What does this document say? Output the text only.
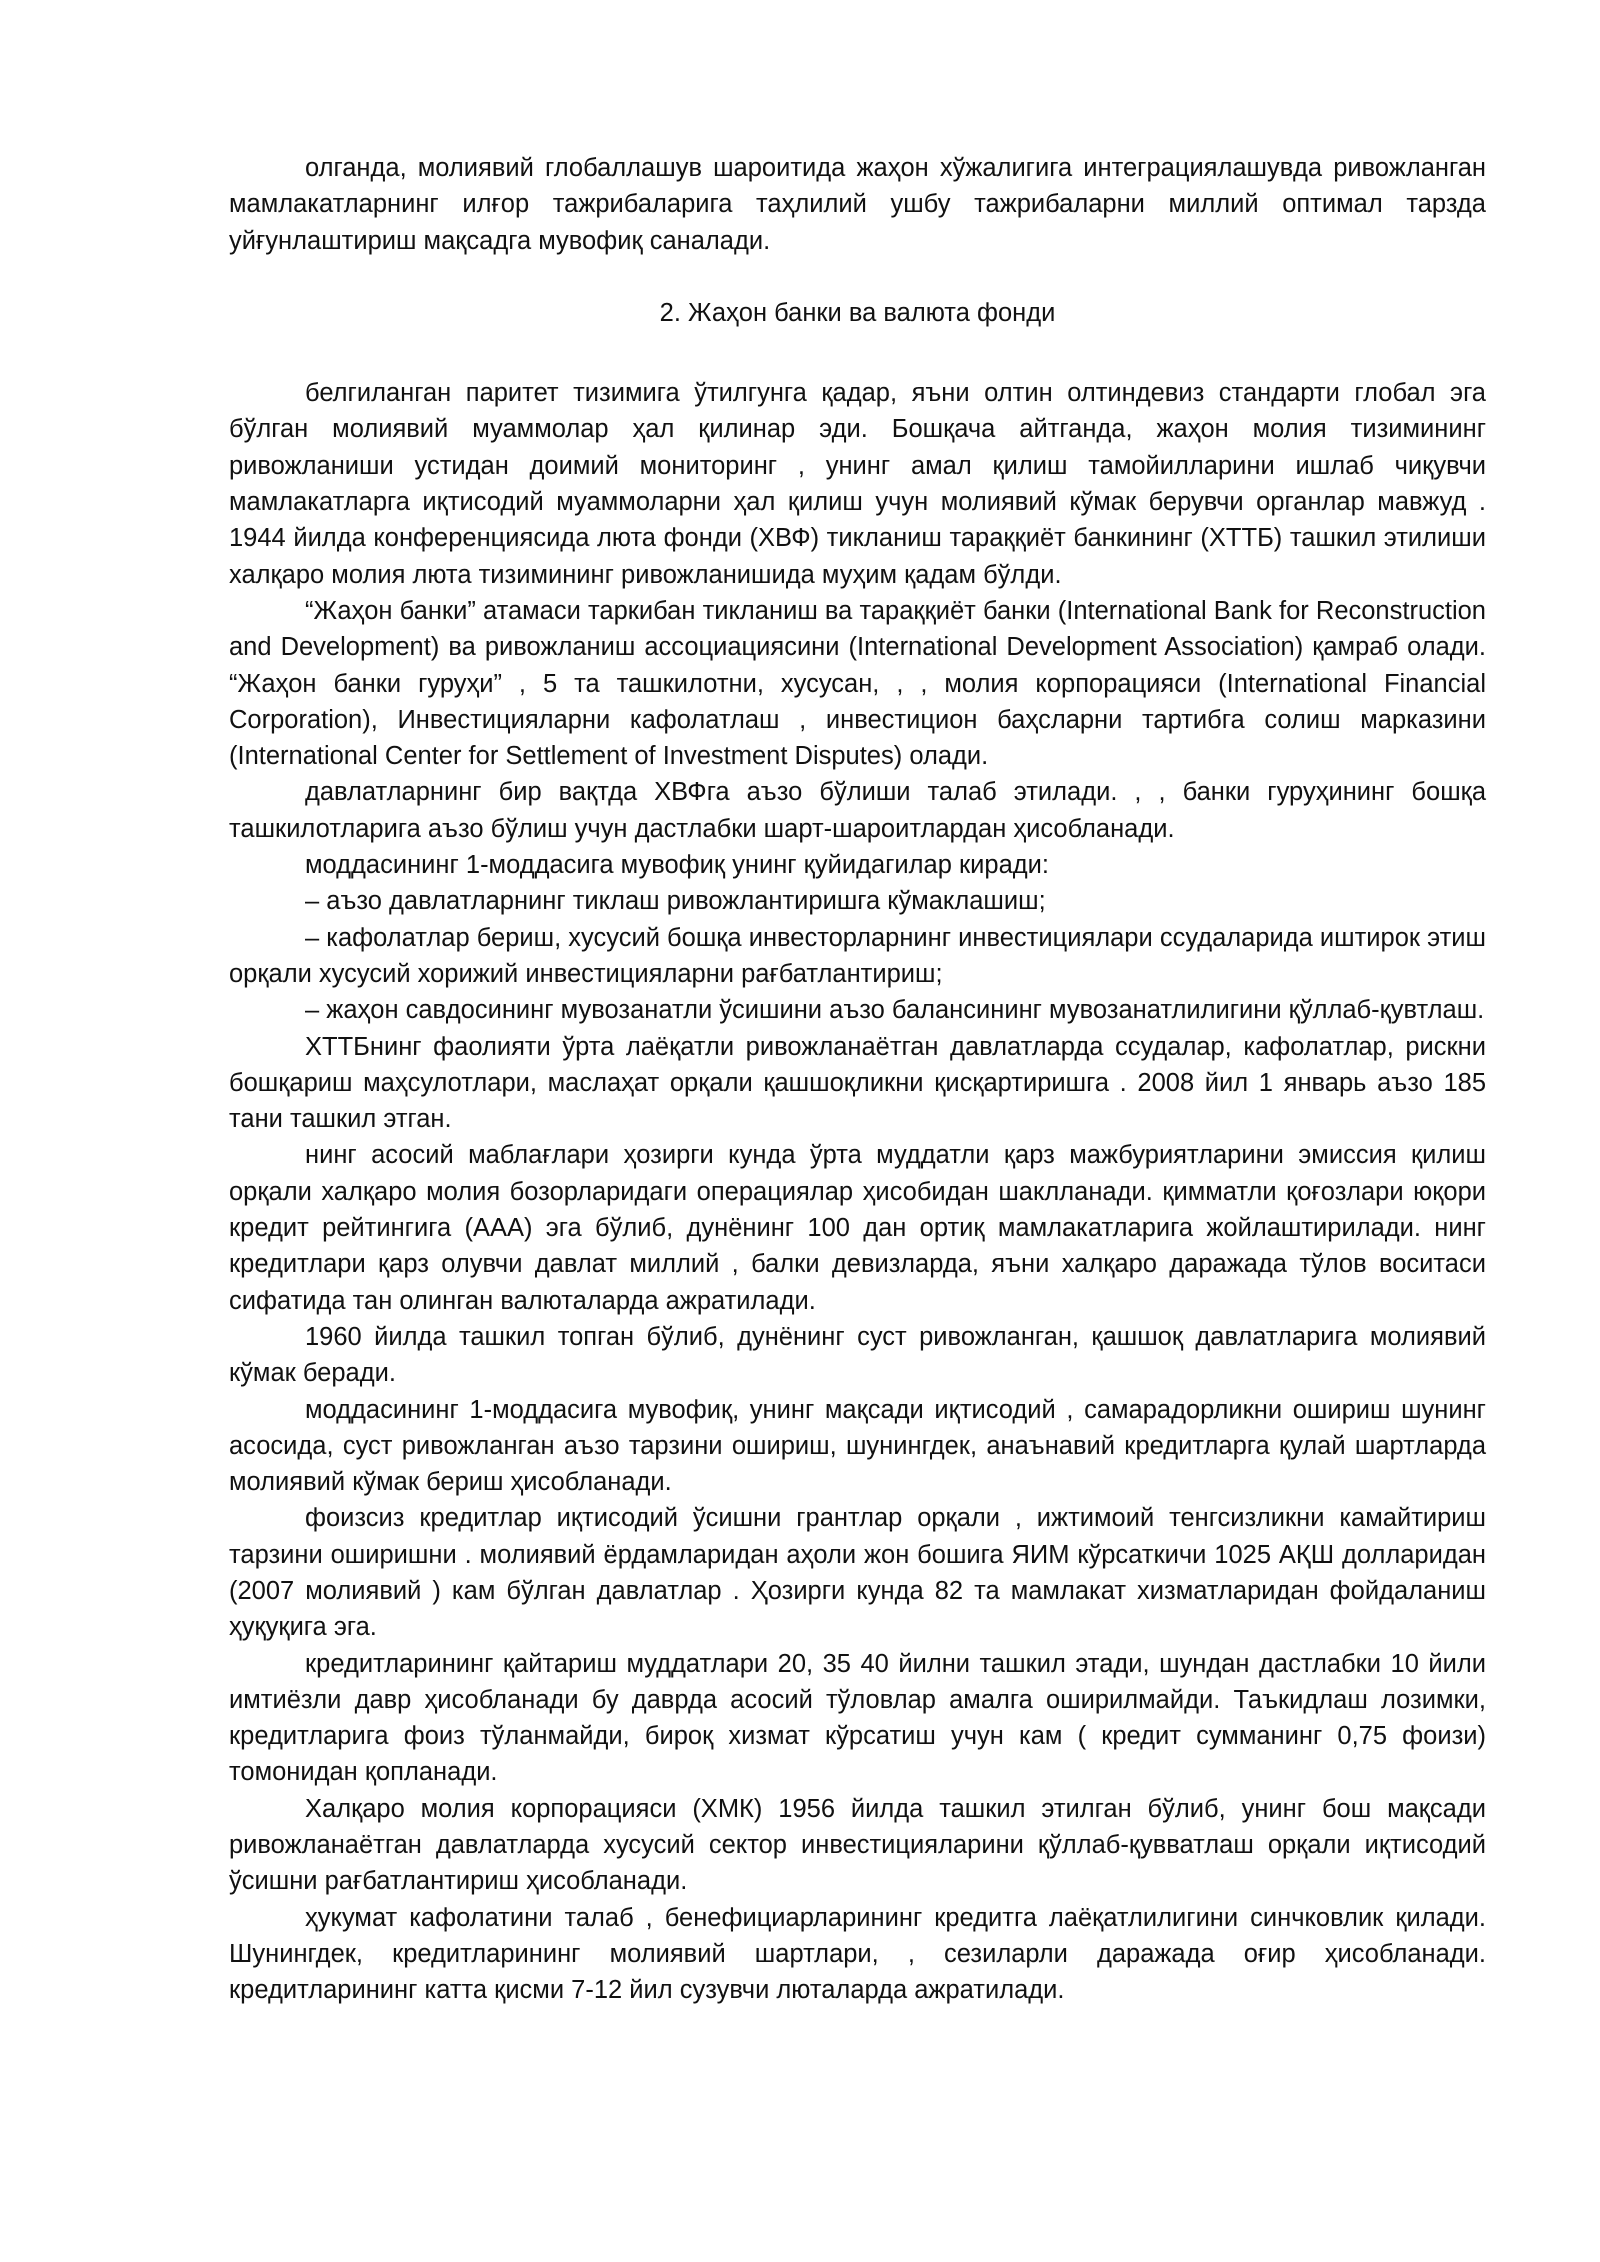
олганда, молиявий глобаллашув шароитида жаҳон хўжалигига интеграциялашувда ривожланган мамлакатларнинг илғор тажрибаларига таҳлилий ушбу тажрибаларни миллий оптимал тарзда уйғунлаштириш мақсадга мувофиқ саналади.

2. Жаҳон банки ва валюта фонди

белгиланган паритет тизимига ўтилгунга қадар, яъни олтин олтиндевиз стандарти глобал эга бўлган молиявий муаммолар ҳал қилинар эди. Бошқача айтганда, жаҳон молия тизимининг ривожланиши устидан доимий мониторинг , унинг амал қилиш тамойилларини ишлаб чиқувчи мамлакатларга иқтисодий муаммоларни ҳал қилиш учун молиявий кўмак берувчи органлар мавжуд . 1944 йилда конференциясида люта фонди (ХВФ) тикланиш тараққиёт банкининг (ХТТБ) ташкил этилиши халқаро молия люта тизимининг ривожланишида муҳим қадам бўлди.

“Жаҳон банки” атамаси таркибан тикланиш ва тараққиёт банки (International Bank for Reconstruction and Development) ва ривожланиш ассоциациясини (International Development Association) қамраб олади. “Жаҳон банки гуруҳи” , 5 та ташкилотни, хусусан, , , молия корпорацияси (International Financial Corporation), Инвестицияларни кафолатлаш , инвестицион баҳсларни тартибга солиш марказини (International Center for Settlement of Investment Disputes) олади.

давлатларнинг бир вақтда ХВФга аъзо бўлиши талаб этилади. , , банки гуруҳининг бошқа ташкилотларига аъзо бўлиш учун дастлабки шарт-шароитлардан ҳисобланади.

моддасининг 1-моддасига мувофиқ унинг қуйидагилар киради:

– аъзо давлатларнинг тиклаш ривожлантиришга кўмаклашиш;

– кафолатлар бериш, хусусий бошқа инвесторларнинг инвестициялари ссудаларида иштирок этиш орқали хусусий хорижий инвестицияларни рағбатлантириш;

– жаҳон савдосининг мувозанатли ўсишини аъзо балансининг мувозанатлилигини қўллаб-қувтлаш.

ХТТБнинг фаолияти ўрта лаёқатли ривожланаётган давлатларда ссудалар, кафолатлар, рискни бошқариш маҳсулотлари, маслаҳат орқали қашшоқликни қисқартиришга . 2008 йил 1 январь аъзо 185 тани ташкил этган.

нинг асосий маблағлари ҳозирги кунда ўрта муддатли қарз мажбуриятларини эмиссия қилиш орқали халқаро молия бозорларидаги операциялар ҳисобидан шаклланади. қимматли қоғозлари юқори кредит рейтингига (ААА) эга бўлиб, дунёнинг 100 дан ортиқ мамлакатларига жойлаштирилади. нинг кредитлари қарз олувчи давлат миллий , балки девизларда, яъни халқаро даражада тўлов воситаси сифатида тан олинган валюталарда ажратилади.

1960 йилда ташкил топган бўлиб, дунёнинг суст ривожланган, қашшоқ давлатларига молиявий кўмак беради.

моддасининг 1-моддасига мувофиқ, унинг мақсади иқтисодий , самарадорликни ошириш шунинг асосида, суст ривожланган аъзо тарзини ошириш, шунингдек, анаънавий кредитларга қулай шартларда молиявий кўмак бериш ҳисобланади.

фоизсиз кредитлар иқтисодий ўсишни грантлар орқали , ижтимоий тенгсизликни камайтириш тарзини оширишни . молиявий ёрдамларидан аҳоли жон бошига ЯИМ кўрсаткичи 1025 АҚШ долларидан (2007 молиявий ) кам бўлган давлатлар . Ҳозирги кунда 82 та мамлакат хизматларидан фойдаланиш ҳуқуқига эга.

кредитларининг қайтариш муддатлари 20, 35 40 йилни ташкил этади, шундан дастлабки 10 йили имтиёзли давр ҳисобланади бу даврда асосий тўловлар амалга оширилмайди. Таъкидлаш лозимки, кредитларига фоиз тўланмайди, бироқ хизмат кўрсатиш учун кам ( кредит сумманинг 0,75 фоизи) томонидан қопланади.

Халқаро молия корпорацияси (ХМК) 1956 йилда ташкил этилган бўлиб, унинг бош мақсади ривожланаётган давлатларда хусусий сектор инвестицияларини қўллаб-қувватлаш орқали иқтисодий ўсишни рағбатлантириш ҳисобланади.

ҳукумат кафолатини талаб , бенефициарларининг кредитга лаёқатлилигини синчковлик қилади. Шунингдек, кредитларининг молиявий шартлари, , сезиларли даражада оғир ҳисобланади. кредитларининг катта қисми 7-12 йил сузувчи люталарда ажратилади.
